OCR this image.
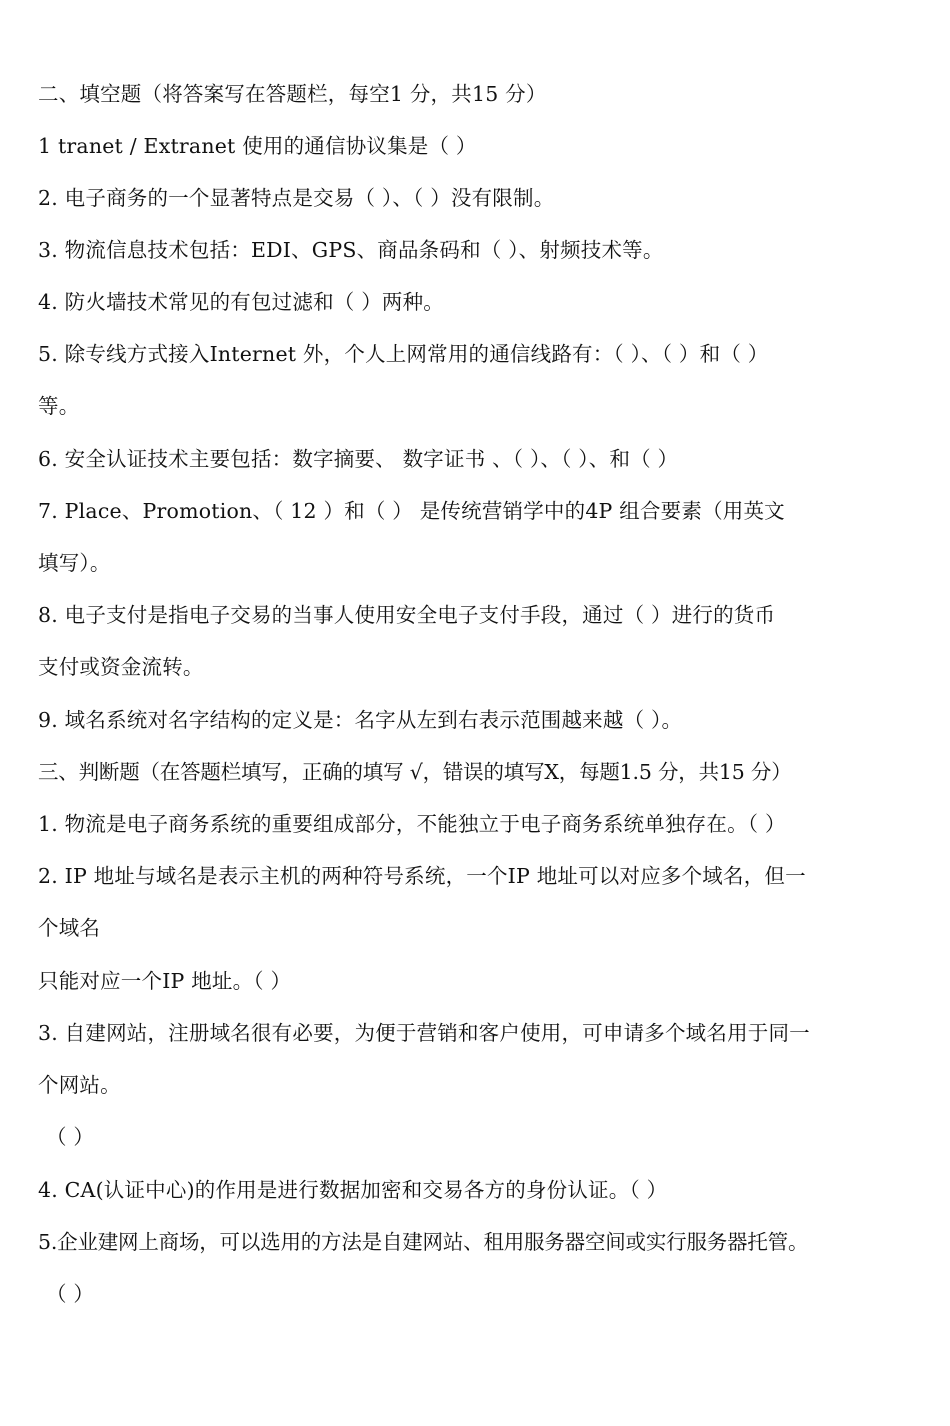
二、填空题（将答案写在答题栏，每空1 分，共15 分）
1 tranet / Extranet 使用的通信协议集是（ ）
2. 电子商务的一个显著特点是交易（ ）、（ ）没有限制。
3. 物流信息技术包括：EDI、GPS、商品条码和（ ）、射频技术等。
4. 防火墙技术常见的有包过滤和（ ）两种。
5. 除专线方式接入Internet 外，个人上网常用的通信线路有：（ ）、（ ）和（ ）
等。
6. 安全认证技术主要包括：数字摘要、 数字证书 、（ ）、（ ）、和（ ）
7. Place、Promotion、（ 12 ）和（ ） 是传统营销学中的4P 组合要素（用英文
填写）。
8. 电子支付是指电子交易的当事人使用安全电子支付手段，通过（ ）进行的货币
支付或资金流转。
9. 域名系统对名字结构的定义是：名字从左到右表示范围越来越（ ）。
三、判断题（在答题栏填写，正确的填写 √，错误的填写X，每题1.5 分，共15 分）
1. 物流是电子商务系统的重要组成部分，不能独立于电子商务系统单独存在。（ ）
2. IP 地址与域名是表示主机的两种符号系统，一个IP 地址可以对应多个域名，但一
个域名
只能对应一个IP 地址。（ ）
3. 自建网站，注册域名很有必要，为便于营销和客户使用，可申请多个域名用于同一
个网站。
（ ）
4. CA(认证中心)的作用是进行数据加密和交易各方的身份认证。（ ）
5.企业建网上商场，可以选用的方法是自建网站、租用服务器空间或实行服务器托管。
（ ）
